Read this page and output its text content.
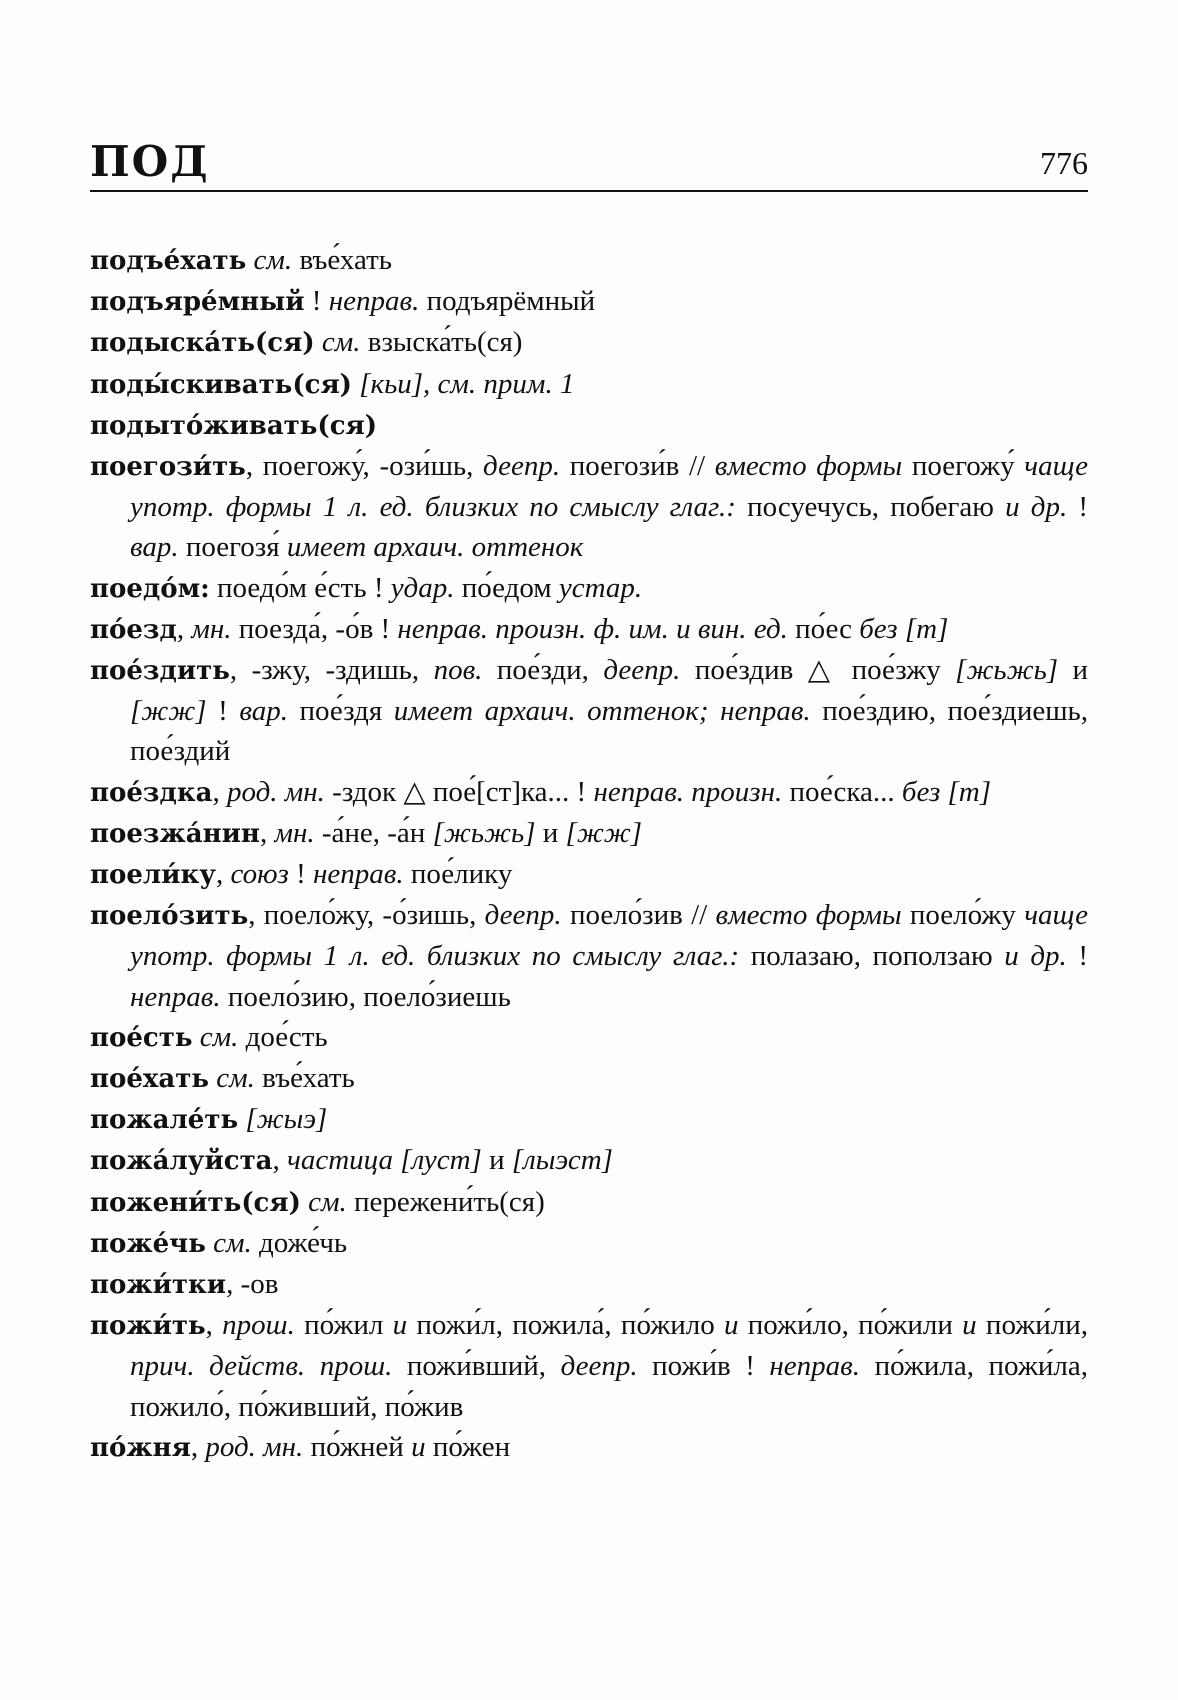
ПОД	776
подъе́хать см. въе́хать
подъяре́мный ! неправ. подъярёмный
подыска́ть(ся) см. взыска́ть(ся)
поды́скивать(ся) [кьи], см. прим. 1
подыто́живать(ся)
поегози́ть, поегожу́, -ози́шь, деепр. поегози́в // вместо формы поегожу́ чаще употр. формы 1 л. ед. близких по смыслу глаг.: посуечусь, побегаю и др. ! вар. поегозя́ имеет архаич. оттенок
поедо́м: поедо́м е́сть ! удар. по́едом устар.
по́езд, мн. поезда́, -о́в ! неправ. произн. ф. им. и вин. ед. по́ес без [т]
пое́здить, -зжу, -здишь, пов. пое́зди, деепр. пое́здив △ пое́зжу [жьжь] и [жж] ! вар. пое́здя имеет архаич. оттенок; неправ. пое́здию, пое́здиешь, пое́здий
пое́здка, род. мн. -здок △ пое́[ст]ка... ! неправ. произн. пое́ска... без [т]
поезжа́нин, мн. -а́не, -а́н [жьжь] и [жж]
поели́ку, союз ! неправ. пое́лику
поело́зить, поело́жу, -о́зишь, деепр. поело́зив // вместо формы поело́жу чаще употр. формы 1 л. ед. близких по смыслу глаг.: полазаю, поползаю и др. ! неправ. поело́зию, поело́зиешь
пое́сть см. дое́сть
пое́хать см. въе́хать
пожале́ть [жыэ]
пожа́луйста, частица [луст] и [лыэст]
пожени́ть(ся) см. пережени́ть(ся)
поже́чь см. доже́чь
пожи́тки, -ов
пожи́ть, прош. по́жил и пожи́л, пожила́, по́жило и пожи́ло, по́жили и пожи́ли, прич. действ. прош. пожи́вший, деепр. пожи́в ! неправ. по́жила, пожи́ла, пожило́, по́живший, по́жив
по́жня, род. мн. по́жней и по́жен
